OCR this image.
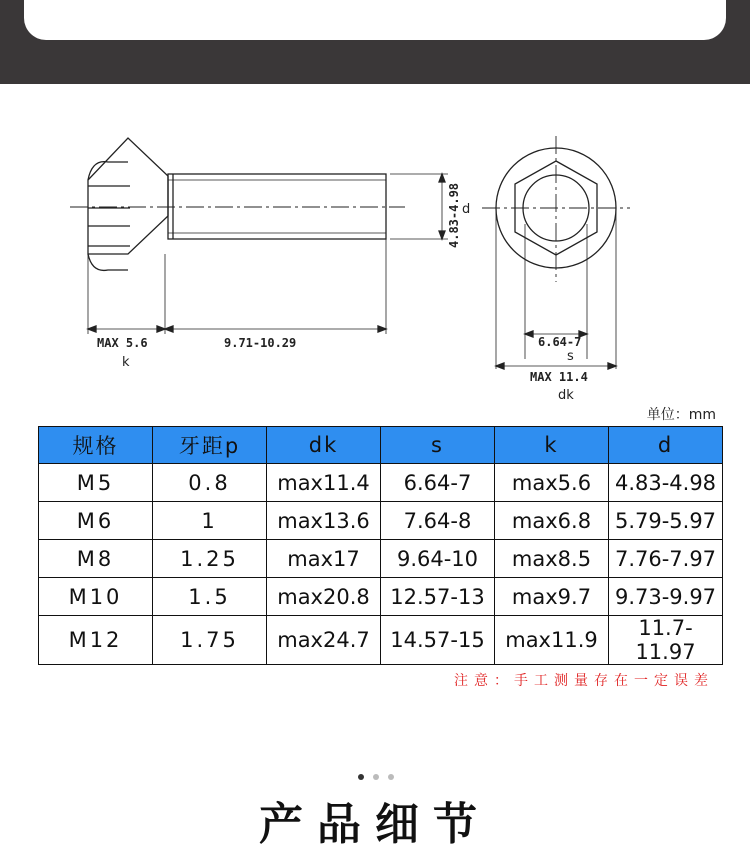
MAX 5.6
k
9.71-10.29
4.83-4.98 d
6.64-7
s
MAX 11.4
dk
单位：mm
规格	牙距p	dk	s	k	d
M5	0.8	max11.4	6.64-7	max5.6	4.83-4.98
M6	1	max13.6	7.64-8	max6.8	5.79-5.97
M8	1.25	max17	9.64-10	max8.5	7.76-7.97
M10	1.5	max20.8	12.57-13	max9.7	9.73-9.97
M12	1.75	max24.7	14.57-15	max11.9	11.7-11.97
注意：手工测量存在一定误差
产品细节
